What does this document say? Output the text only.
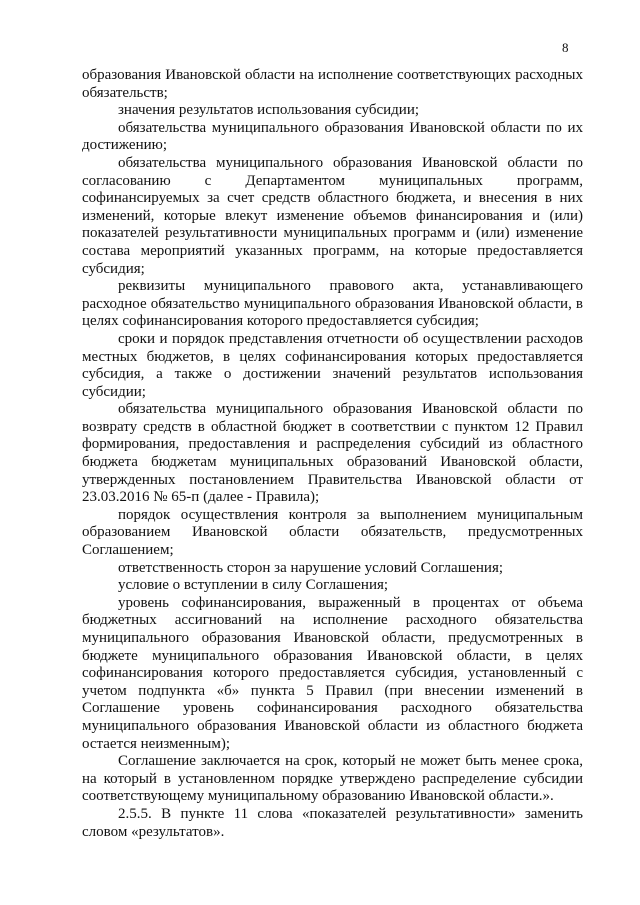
8

образования Ивановской области на исполнение соответствующих расходных обязательств;

значения результатов использования субсидии;

обязательства муниципального образования Ивановской области по их достижению;

обязательства муниципального образования Ивановской области по согласованию с Департаментом муниципальных программ, софинансируемых за счет средств областного бюджета, и внесения в них изменений, которые влекут изменение объемов финансирования и (или) показателей результативности муниципальных программ и (или) изменение состава мероприятий указанных программ, на которые предоставляется субсидия;

реквизиты муниципального правового акта, устанавливающего расходное обязательство муниципального образования Ивановской области, в целях софинансирования которого предоставляется субсидия;

сроки и порядок представления отчетности об осуществлении расходов местных бюджетов, в целях софинансирования которых предоставляется субсидия, а также о достижении значений результатов использования субсидии;

обязательства муниципального образования Ивановской области по возврату средств в областной бюджет в соответствии с пунктом 12 Правил формирования, предоставления и распределения субсидий из областного бюджета бюджетам муниципальных образований Ивановской области, утвержденных постановлением Правительства Ивановской области от 23.03.2016 № 65-п (далее - Правила);

порядок осуществления контроля за выполнением муниципальным образованием Ивановской области обязательств, предусмотренных Соглашением;

ответственность сторон за нарушение условий Соглашения;

условие о вступлении в силу Соглашения;

уровень софинансирования, выраженный в процентах от объема бюджетных ассигнований на исполнение расходного обязательства муниципального образования Ивановской области, предусмотренных в бюджете муниципального образования Ивановской области, в целях софинансирования которого предоставляется субсидия, установленный с учетом подпункта «б» пункта 5 Правил (при внесении изменений в Соглашение уровень софинансирования расходного обязательства муниципального образования Ивановской области из областного бюджета остается неизменным);

Соглашение заключается на срок, который не может быть менее срока, на который в установленном порядке утверждено распределение субсидии соответствующему муниципальному образованию Ивановской области.».

2.5.5. В пункте 11 слова «показателей результативности» заменить словом «результатов».
